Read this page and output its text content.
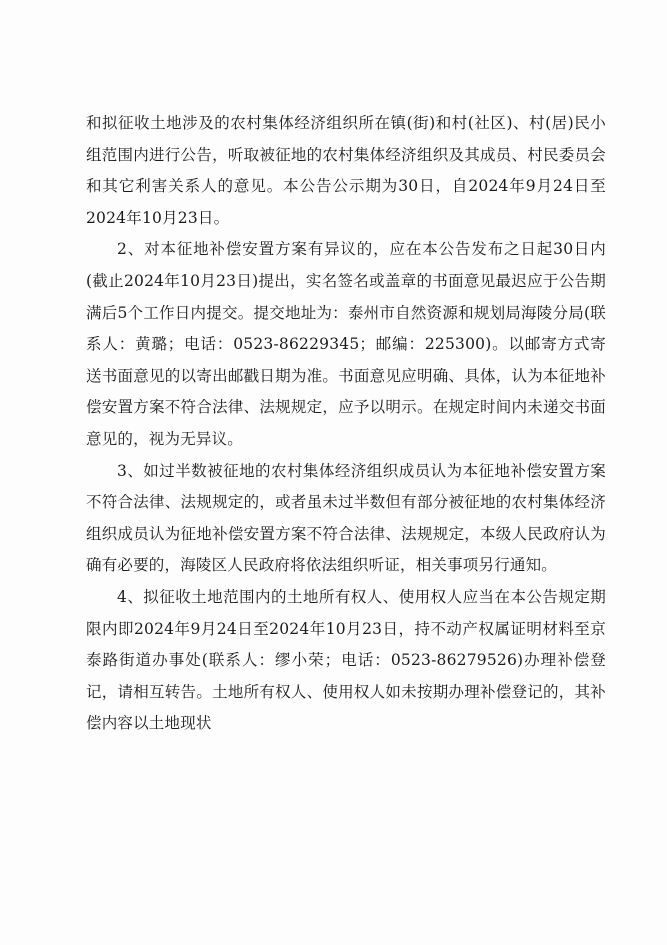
和拟征收土地涉及的农村集体经济组织所在镇(街)和村(社区)、村(居)民小组范围内进行公告，听取被征地的农村集体经济组织及其成员、村民委员会和其它利害关系人的意见。本公告公示期为30日，自2024年9月24日至2024年10月23日。

2、对本征地补偿安置方案有异议的，应在本公告发布之日起30日内(截止2024年10月23日)提出，实名签名或盖章的书面意见最迟应于公告期满后5个工作日内提交。提交地址为：泰州市自然资源和规划局海陵分局(联系人：黄璐；电话：0523-86229345；邮编：225300)。以邮寄方式寄送书面意见的以寄出邮戳日期为准。书面意见应明确、具体，认为本征地补偿安置方案不符合法律、法规规定，应予以明示。在规定时间内未递交书面意见的，视为无异议。

3、如过半数被征地的农村集体经济组织成员认为本征地补偿安置方案不符合法律、法规规定的，或者虽未过半数但有部分被征地的农村集体经济组织成员认为征地补偿安置方案不符合法律、法规规定，本级人民政府认为确有必要的，海陵区人民政府将依法组织听证，相关事项另行通知。

4、拟征收土地范围内的土地所有权人、使用权人应当在本公告规定期限内即2024年9月24日至2024年10月23日，持不动产权属证明材料至京泰路街道办事处(联系人：缪小荣；电话：0523-86279526)办理补偿登记，请相互转告。土地所有权人、使用权人如未按期办理补偿登记的，其补偿内容以土地现状
